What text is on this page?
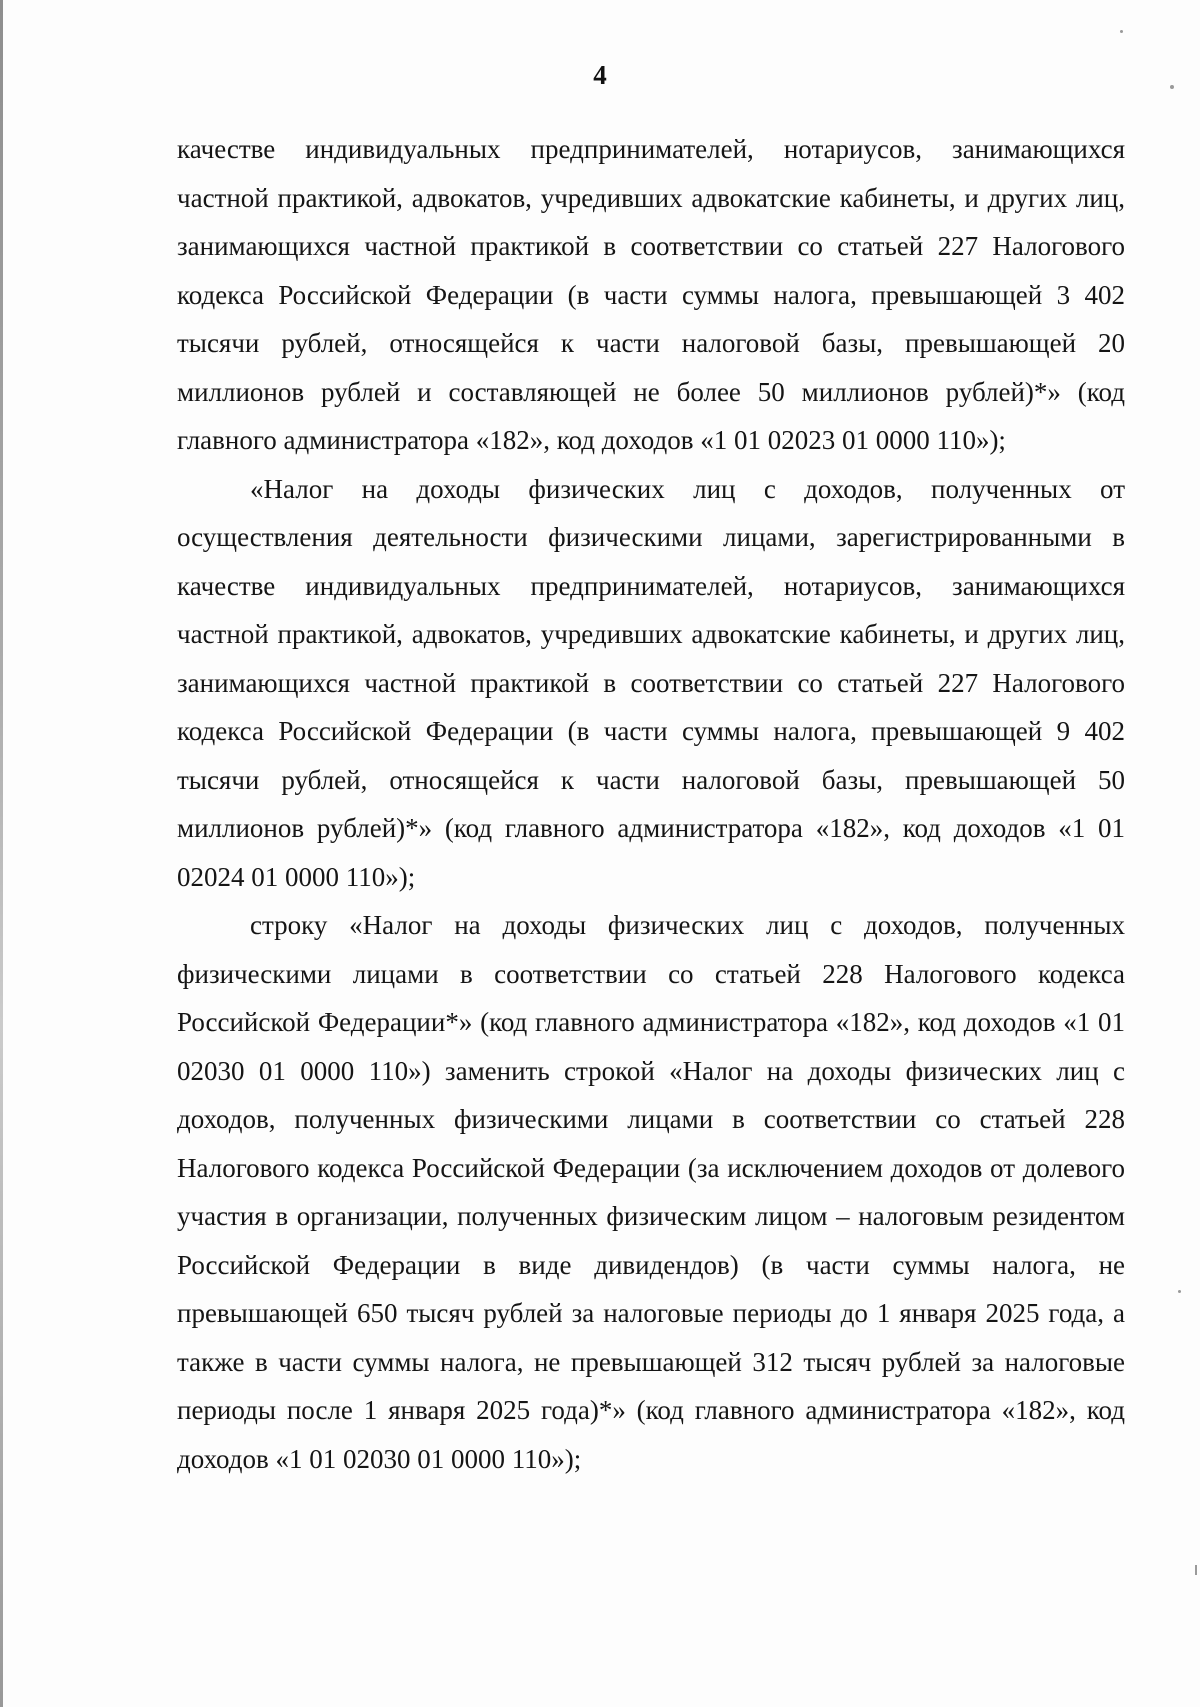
4

качестве индивидуальных предпринимателей, нотариусов, занимающихся частной практикой, адвокатов, учредивших адвокатские кабинеты, и других лиц, занимающихся частной практикой в соответствии со статьей 227 Налогового кодекса Российской Федерации (в части суммы налога, превышающей 3 402 тысячи рублей, относящейся к части налоговой базы, превышающей 20 миллионов рублей и составляющей не более 50 миллионов рублей)*» (код главного администратора «182», код доходов «1 01 02023 01 0000 110»);

«Налог на доходы физических лиц с доходов, полученных от осуществления деятельности физическими лицами, зарегистрированными в качестве индивидуальных предпринимателей, нотариусов, занимающихся частной практикой, адвокатов, учредивших адвокатские кабинеты, и других лиц, занимающихся частной практикой в соответствии со статьей 227 Налогового кодекса Российской Федерации (в части суммы налога, превышающей 9 402 тысячи рублей, относящейся к части налоговой базы, превышающей 50 миллионов рублей)*» (код главного администратора «182», код доходов «1 01 02024 01 0000 110»);

строку «Налог на доходы физических лиц с доходов, полученных физическими лицами в соответствии со статьей 228 Налогового кодекса Российской Федерации*» (код главного администратора «182», код доходов «1 01 02030 01 0000 110») заменить строкой «Налог на доходы физических лиц с доходов, полученных физическими лицами в соответствии со статьей 228 Налогового кодекса Российской Федерации (за исключением доходов от долевого участия в организации, полученных физическим лицом – налоговым резидентом Российской Федерации в виде дивидендов) (в части суммы налога, не превышающей 650 тысяч рублей за налоговые периоды до 1 января 2025 года, а также в части суммы налога, не превышающей 312 тысяч рублей за налоговые периоды после 1 января 2025 года)*» (код главного администратора «182», код доходов «1 01 02030 01 0000 110»);
